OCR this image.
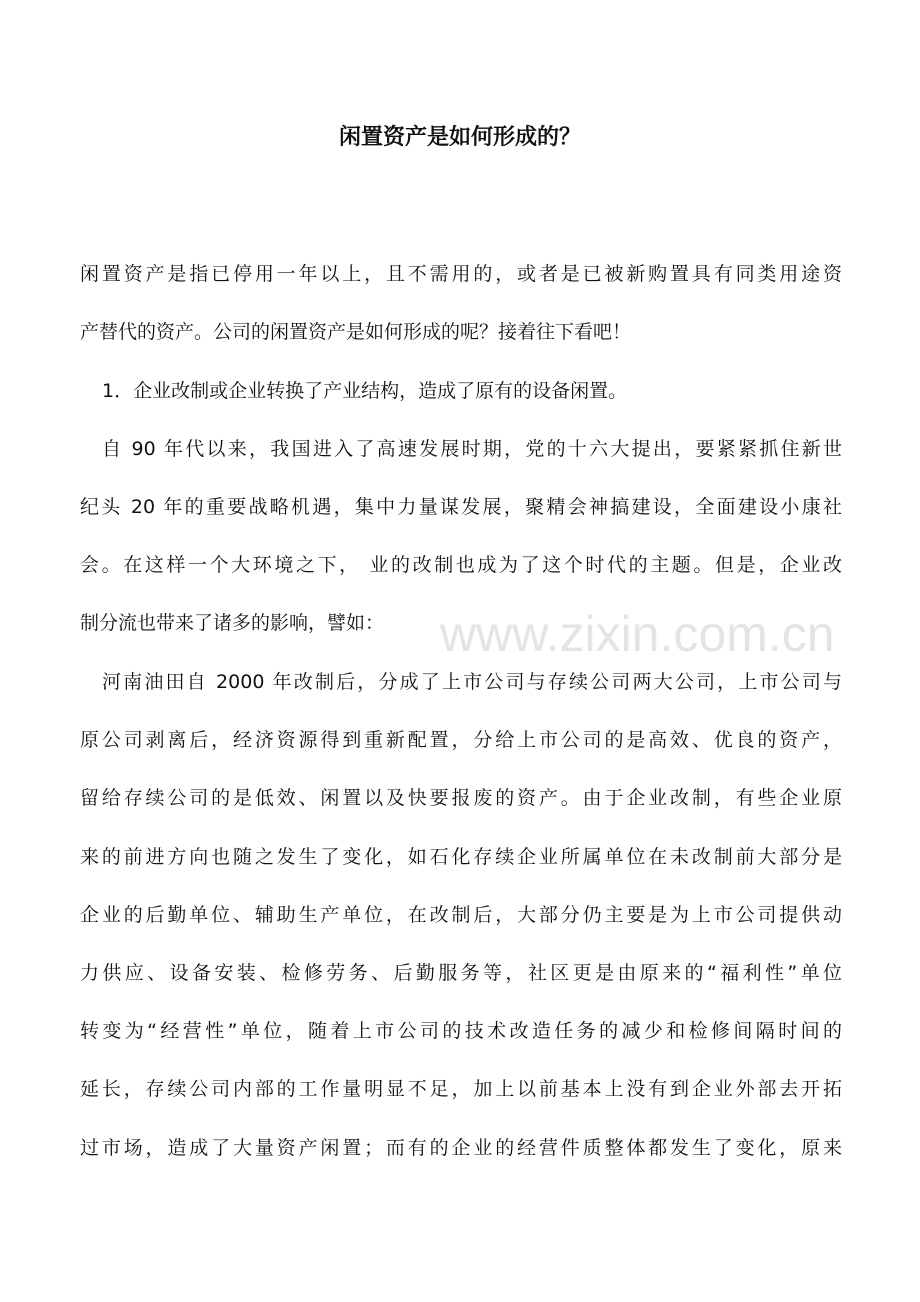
闲置资产是如何形成的？
www.zixin.com.cn
闲置资产是指已停用一年以上，且不需用的，或者是已被新购置具有同类用途资
产替代的资产。公司的闲置资产是如何形成的呢？接着往下看吧！
1．企业改制或企业转换了产业结构，造成了原有的设备闲置。
自 90 年代以来，我国进入了高速发展时期，党的十六大提出，要紧紧抓住新世
纪头 20 年的重要战略机遇，集中力量谋发展，聚精会神搞建设，全面建设小康社
会。在这样一个大环境之下， 业的改制也成为了这个时代的主题。但是，企业改
制分流也带来了诸多的影响，譬如：
河南油田自 2000 年改制后，分成了上市公司与存续公司两大公司，上市公司与
原公司剥离后，经济资源得到重新配置，分给上市公司的是高效、优良的资产，
留给存续公司的是低效、闲置以及快要报废的资产。由于企业改制，有些企业原
来的前进方向也随之发生了变化，如石化存续企业所属单位在未改制前大部分是
企业的后勤单位、辅助生产单位，在改制后，大部分仍主要是为上市公司提供动
力供应、设备安装、检修劳务、后勤服务等，社区更是由原来的“福利性”单位
转变为“经营性”单位，随着上市公司的技术改造任务的减少和检修间隔时间的
延长，存续公司内部的工作量明显不足，加上以前基本上没有到企业外部去开拓
过市场，造成了大量资产闲置；而有的企业的经营件质整体都发生了变化，原来
